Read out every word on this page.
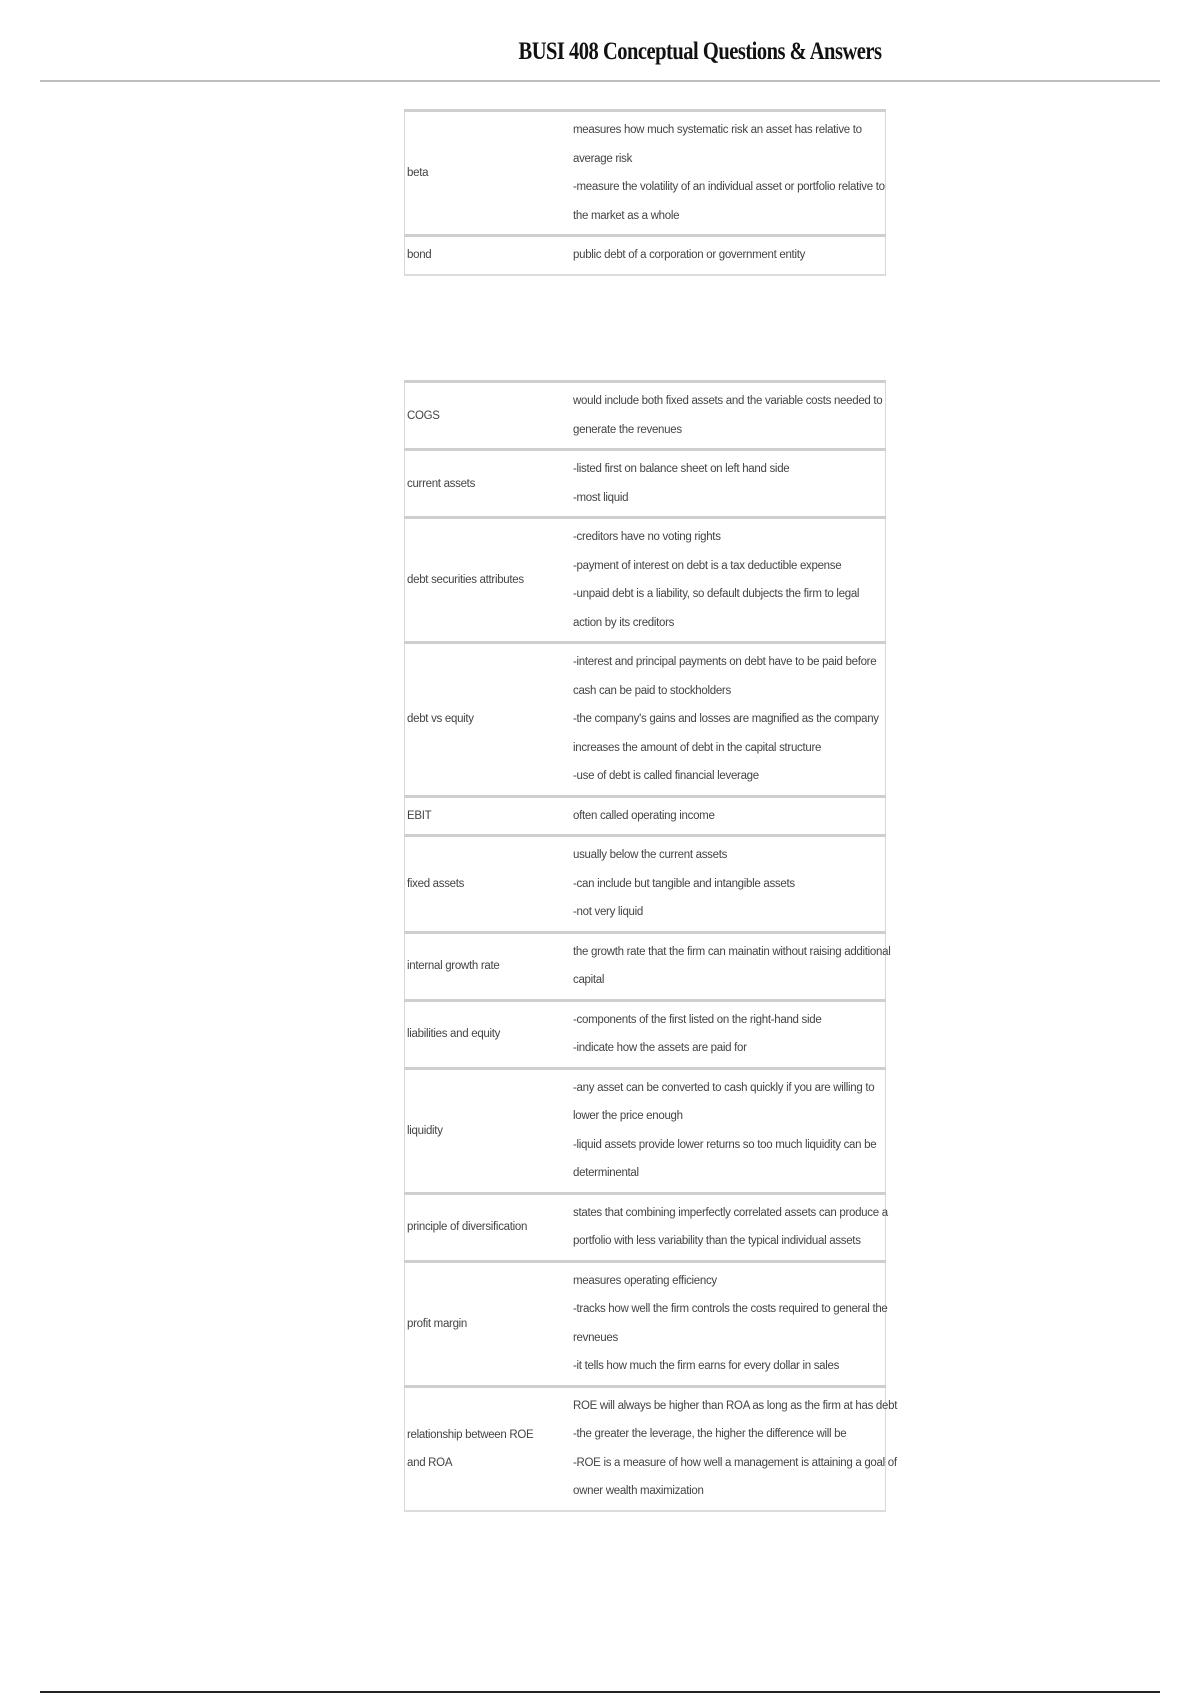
BUSI 408 Conceptual Questions & Answers
beta	measures how much systematic risk an asset has relative to
average risk
-measure the volatility of an individual asset or portfolio relative to
the market as a whole

bond	public debt of a corporation or government entity
COGS	would include both fixed assets and the variable costs needed to
generate the revenues

current assets	-listed first on balance sheet on left hand side
-most liquid

debt securities attributes	-creditors have no voting rights
-payment of interest on debt is a tax deductible expense
-unpaid debt is a liability, so default dubjects the firm to legal
action by its creditors

debt vs equity	-interest and principal payments on debt have to be paid before
cash can be paid to stockholders
-the company's gains and losses are magnified as the company
increases the amount of debt in the capital structure
-use of debt is called financial leverage

EBIT	often called operating income

fixed assets	usually below the current assets
-can include but tangible and intangible assets
-not very liquid

internal growth rate	the growth rate that the firm can mainatin without raising additional
capital

liabilities and equity	-components of the first listed on the right-hand side
-indicate how the assets are paid for

liquidity	-any asset can be converted to cash quickly if you are willing to
lower the price enough
-liquid assets provide lower returns so too much liquidity can be
determinental

principle of diversification	states that combining imperfectly correlated assets can produce a
portfolio with less variability than the typical individual assets

profit margin	measures operating efficiency
-tracks how well the firm controls the costs required to general the
revneues
-it tells how much the firm earns for every dollar in sales

relationship between ROE and ROA	ROE will always be higher than ROA as long as the firm at has debt
-the greater the leverage, the higher the difference will be
-ROE is a measure of how well a management is attaining a goal of
owner wealth maximization
